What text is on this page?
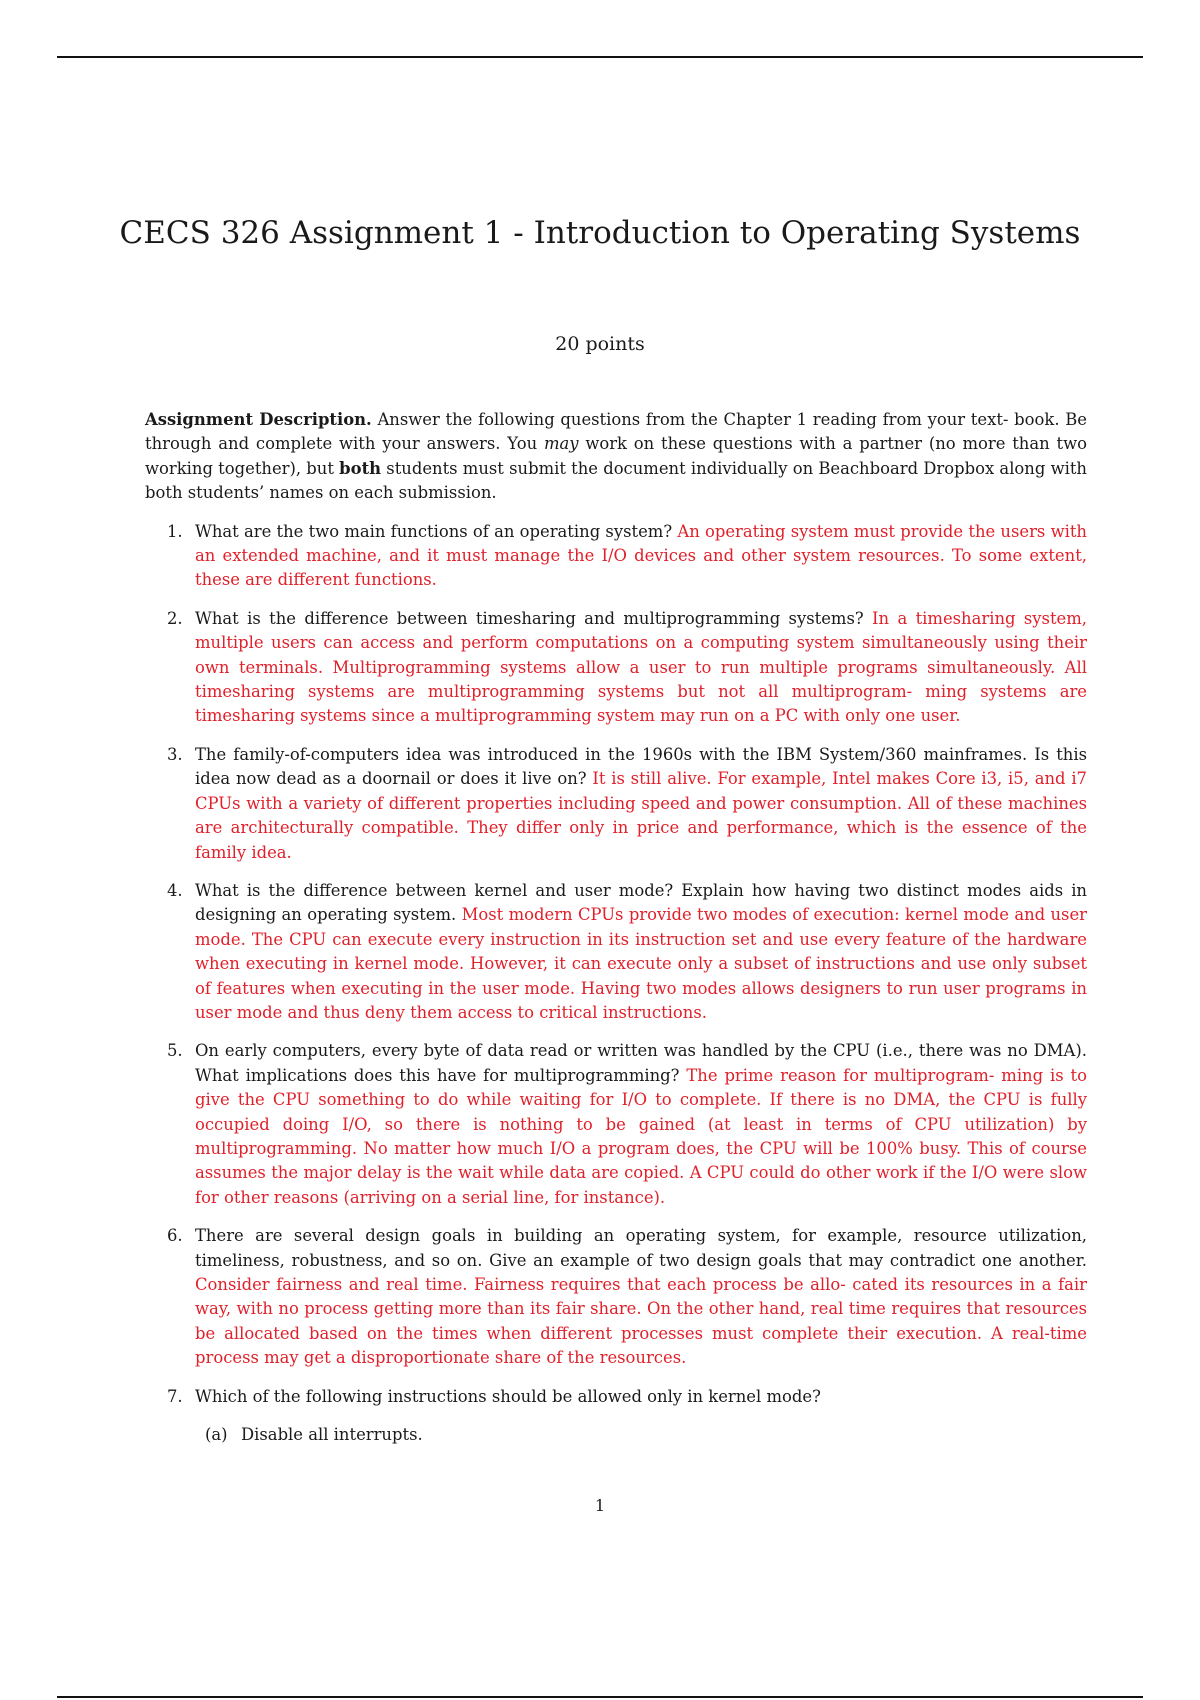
CECS 326 Assignment 1 - Introduction to Operating Systems

20 points

Assignment Description. Answer the following questions from the Chapter 1 reading from your text- book. Be through and complete with your answers. You may work on these questions with a partner (no more than two working together), but both students must submit the document individually on Beachboard Dropbox along with both students’ names on each submission.

1. What are the two main functions of an operating system? An operating system must provide the users with an extended machine, and it must manage the I/O devices and other system resources. To some extent, these are different functions.
2. What is the difference between timesharing and multiprogramming systems? In a timesharing system, multiple users can access and perform computations on a computing system simultaneously using their own terminals. Multiprogramming systems allow a user to run multiple programs simultaneously. All timesharing systems are multiprogramming systems but not all multiprogram- ming systems are timesharing systems since a multiprogramming system may run on a PC with only one user.
3. The family-of-computers idea was introduced in the 1960s with the IBM System/360 mainframes. Is this idea now dead as a doornail or does it live on? It is still alive. For example, Intel makes Core i3, i5, and i7 CPUs with a variety of different properties including speed and power consumption. All of these machines are architecturally compatible. They differ only in price and performance, which is the essence of the family idea.
4. What is the difference between kernel and user mode? Explain how having two distinct modes aids in designing an operating system. Most modern CPUs provide two modes of execution: kernel mode and user mode. The CPU can execute every instruction in its instruction set and use every feature of the hardware when executing in kernel mode. However, it can execute only a subset of instructions and use only subset of features when executing in the user mode. Having two modes allows designers to run user programs in user mode and thus deny them access to critical instructions.
5. On early computers, every byte of data read or written was handled by the CPU (i.e., there was no DMA). What implications does this have for multiprogramming? The prime reason for multiprogram- ming is to give the CPU something to do while waiting for I/O to complete. If there is no DMA, the CPU is fully occupied doing I/O, so there is nothing to be gained (at least in terms of CPU utilization) by multiprogramming. No matter how much I/O a program does, the CPU will be 100% busy. This of course assumes the major delay is the wait while data are copied. A CPU could do other work if the I/O were slow for other reasons (arriving on a serial line, for instance).
6. There are several design goals in building an operating system, for example, resource utilization, timeliness, robustness, and so on. Give an example of two design goals that may contradict one another. Consider fairness and real time. Fairness requires that each process be allo- cated its resources in a fair way, with no process getting more than its fair share. On the other hand, real time requires that resources be allocated based on the times when different processes must complete their execution. A real-time process may get a disproportionate share of the resources.
7. Which of the following instructions should be allowed only in kernel mode?
(a) Disable all interrupts.
1
